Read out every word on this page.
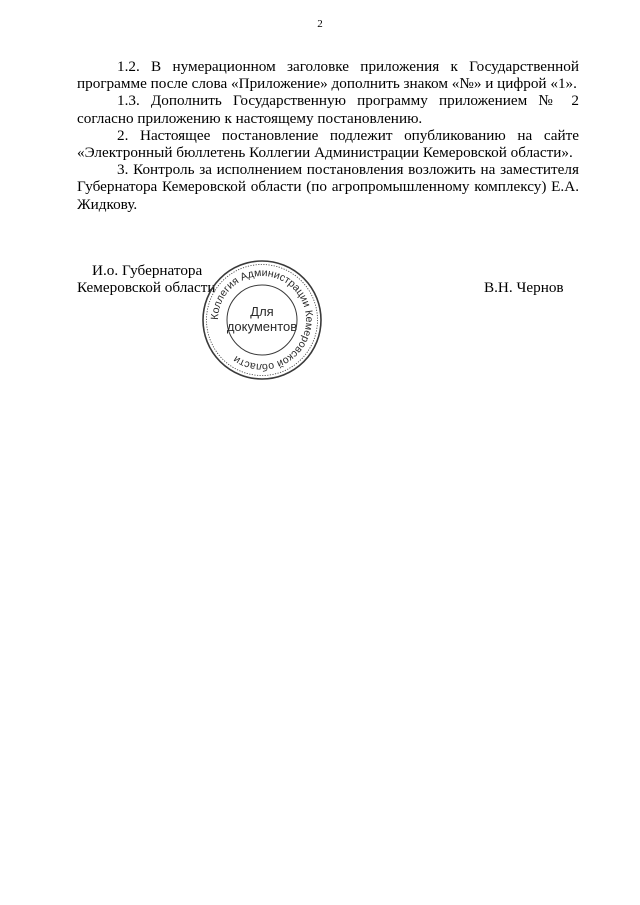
2

1.2. В нумерационном заголовке приложения к Государственной программе после слова «Приложение» дополнить знаком «№» и цифрой «1».

1.3. Дополнить Государственную программу приложением № 2 согласно приложению к настоящему постановлению.

2. Настоящее постановление подлежит опубликованию на сайте «Электронный бюллетень Коллегии Администрации Кемеровской области».

3. Контроль за исполнением постановления возложить на заместителя Губернатора Кемеровской области (по агропромышленному комплексу) Е.А. Жидкову.

И.о. Губернатора
Кемеровской области	В.Н. Чернов
Коллегия Администрации Кемеровской области
Для
документов
